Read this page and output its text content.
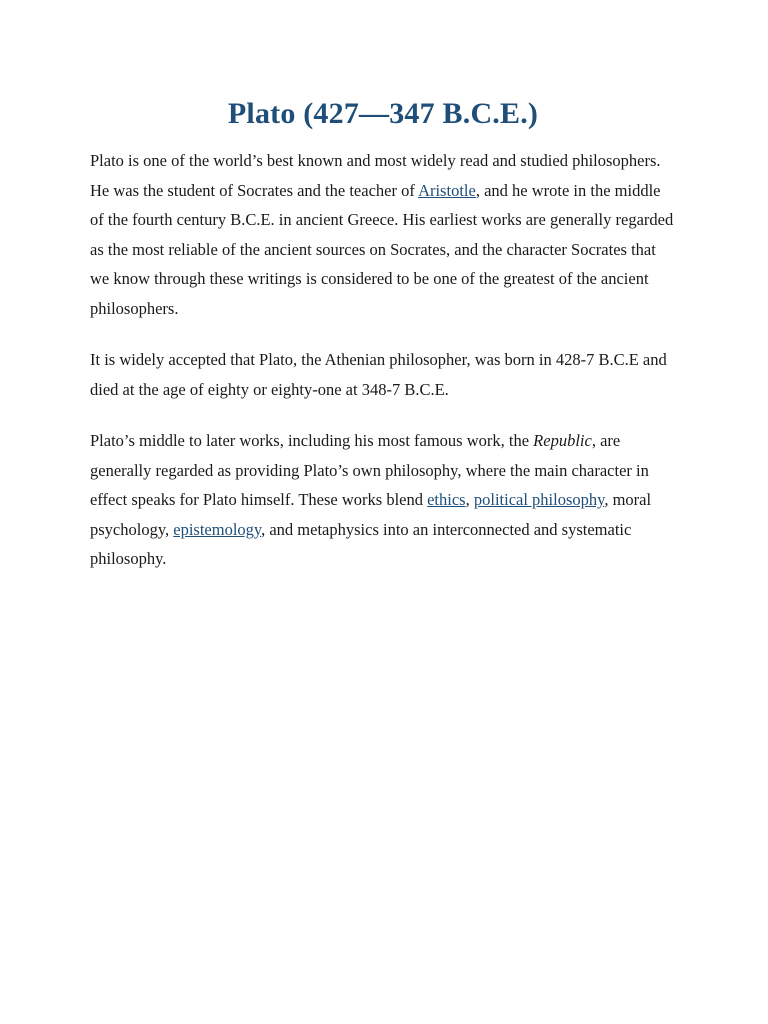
Plato (427—347 B.C.E.)

Plato is one of the world’s best known and most widely read and studied philosophers. He was the student of Socrates and the teacher of Aristotle, and he wrote in the middle of the fourth century B.C.E. in ancient Greece. His earliest works are generally regarded as the most reliable of the ancient sources on Socrates, and the character Socrates that we know through these writings is considered to be one of the greatest of the ancient philosophers.

It is widely accepted that Plato, the Athenian philosopher, was born in 428-7 B.C.E and died at the age of eighty or eighty-one at 348-7 B.C.E.

Plato’s middle to later works, including his most famous work, the Republic, are generally regarded as providing Plato’s own philosophy, where the main character in effect speaks for Plato himself. These works blend ethics, political philosophy, moral psychology, epistemology, and metaphysics into an interconnected and systematic philosophy.
